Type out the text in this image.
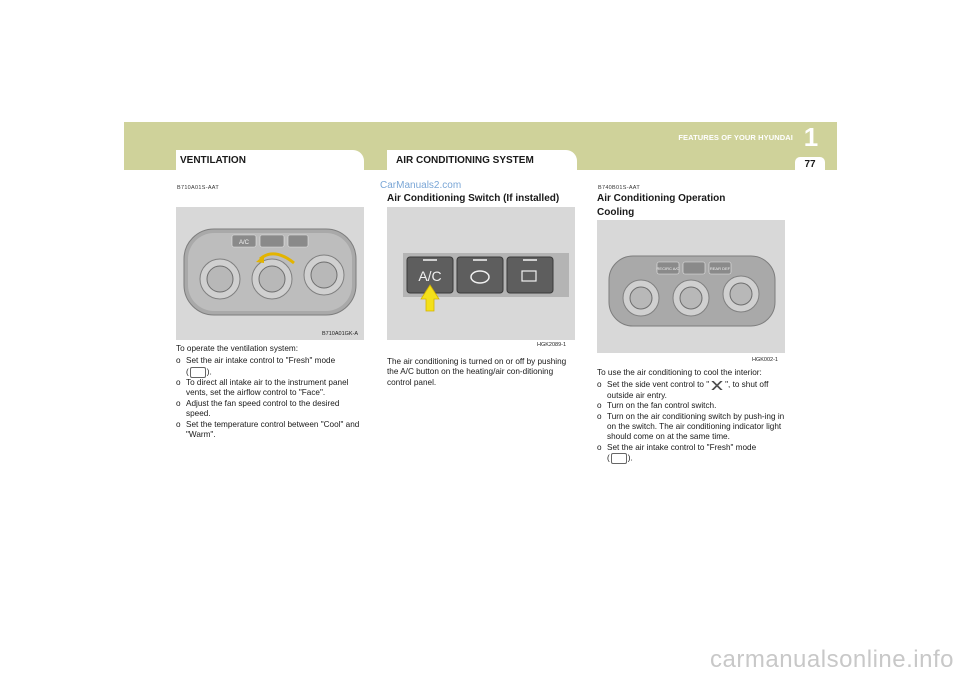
1
FEATURES OF YOUR HYUNDAI
77
VENTILATION	AIR CONDITIONING SYSTEM
B710A01S-AAT
A/C
B710A01GK-A

To operate the ventilation system:

o Set the air intake control to "Fresh" mode
( ).
o To direct all intake air to the instrument panel vents, set the airflow control to "Face".
o Adjust the fan speed control to the desired speed.
o Set the temperature control between "Cool" and "Warm".
CarManuals2.com
Air Conditioning Switch (If installed)
A/C
HGK2089-1
The air conditioning is turned on or off by pushing the A/C button on the heating/air con-ditioning control panel.
B740B01S-AAT
Air Conditioning Operation
Cooling
RECIRC A/C	REAR DEF
HGK002-1

To use the air conditioning to cool the interior:

o Set the side vent control to " ", to shut off outside air entry.
o Turn on the fan control switch.
o Turn on the air conditioning switch by push-ing in on the switch. The air conditioning indicator light should come on at the same time.
o Set the air intake control to "Fresh" mode
( ).
carmanualsonline.info
